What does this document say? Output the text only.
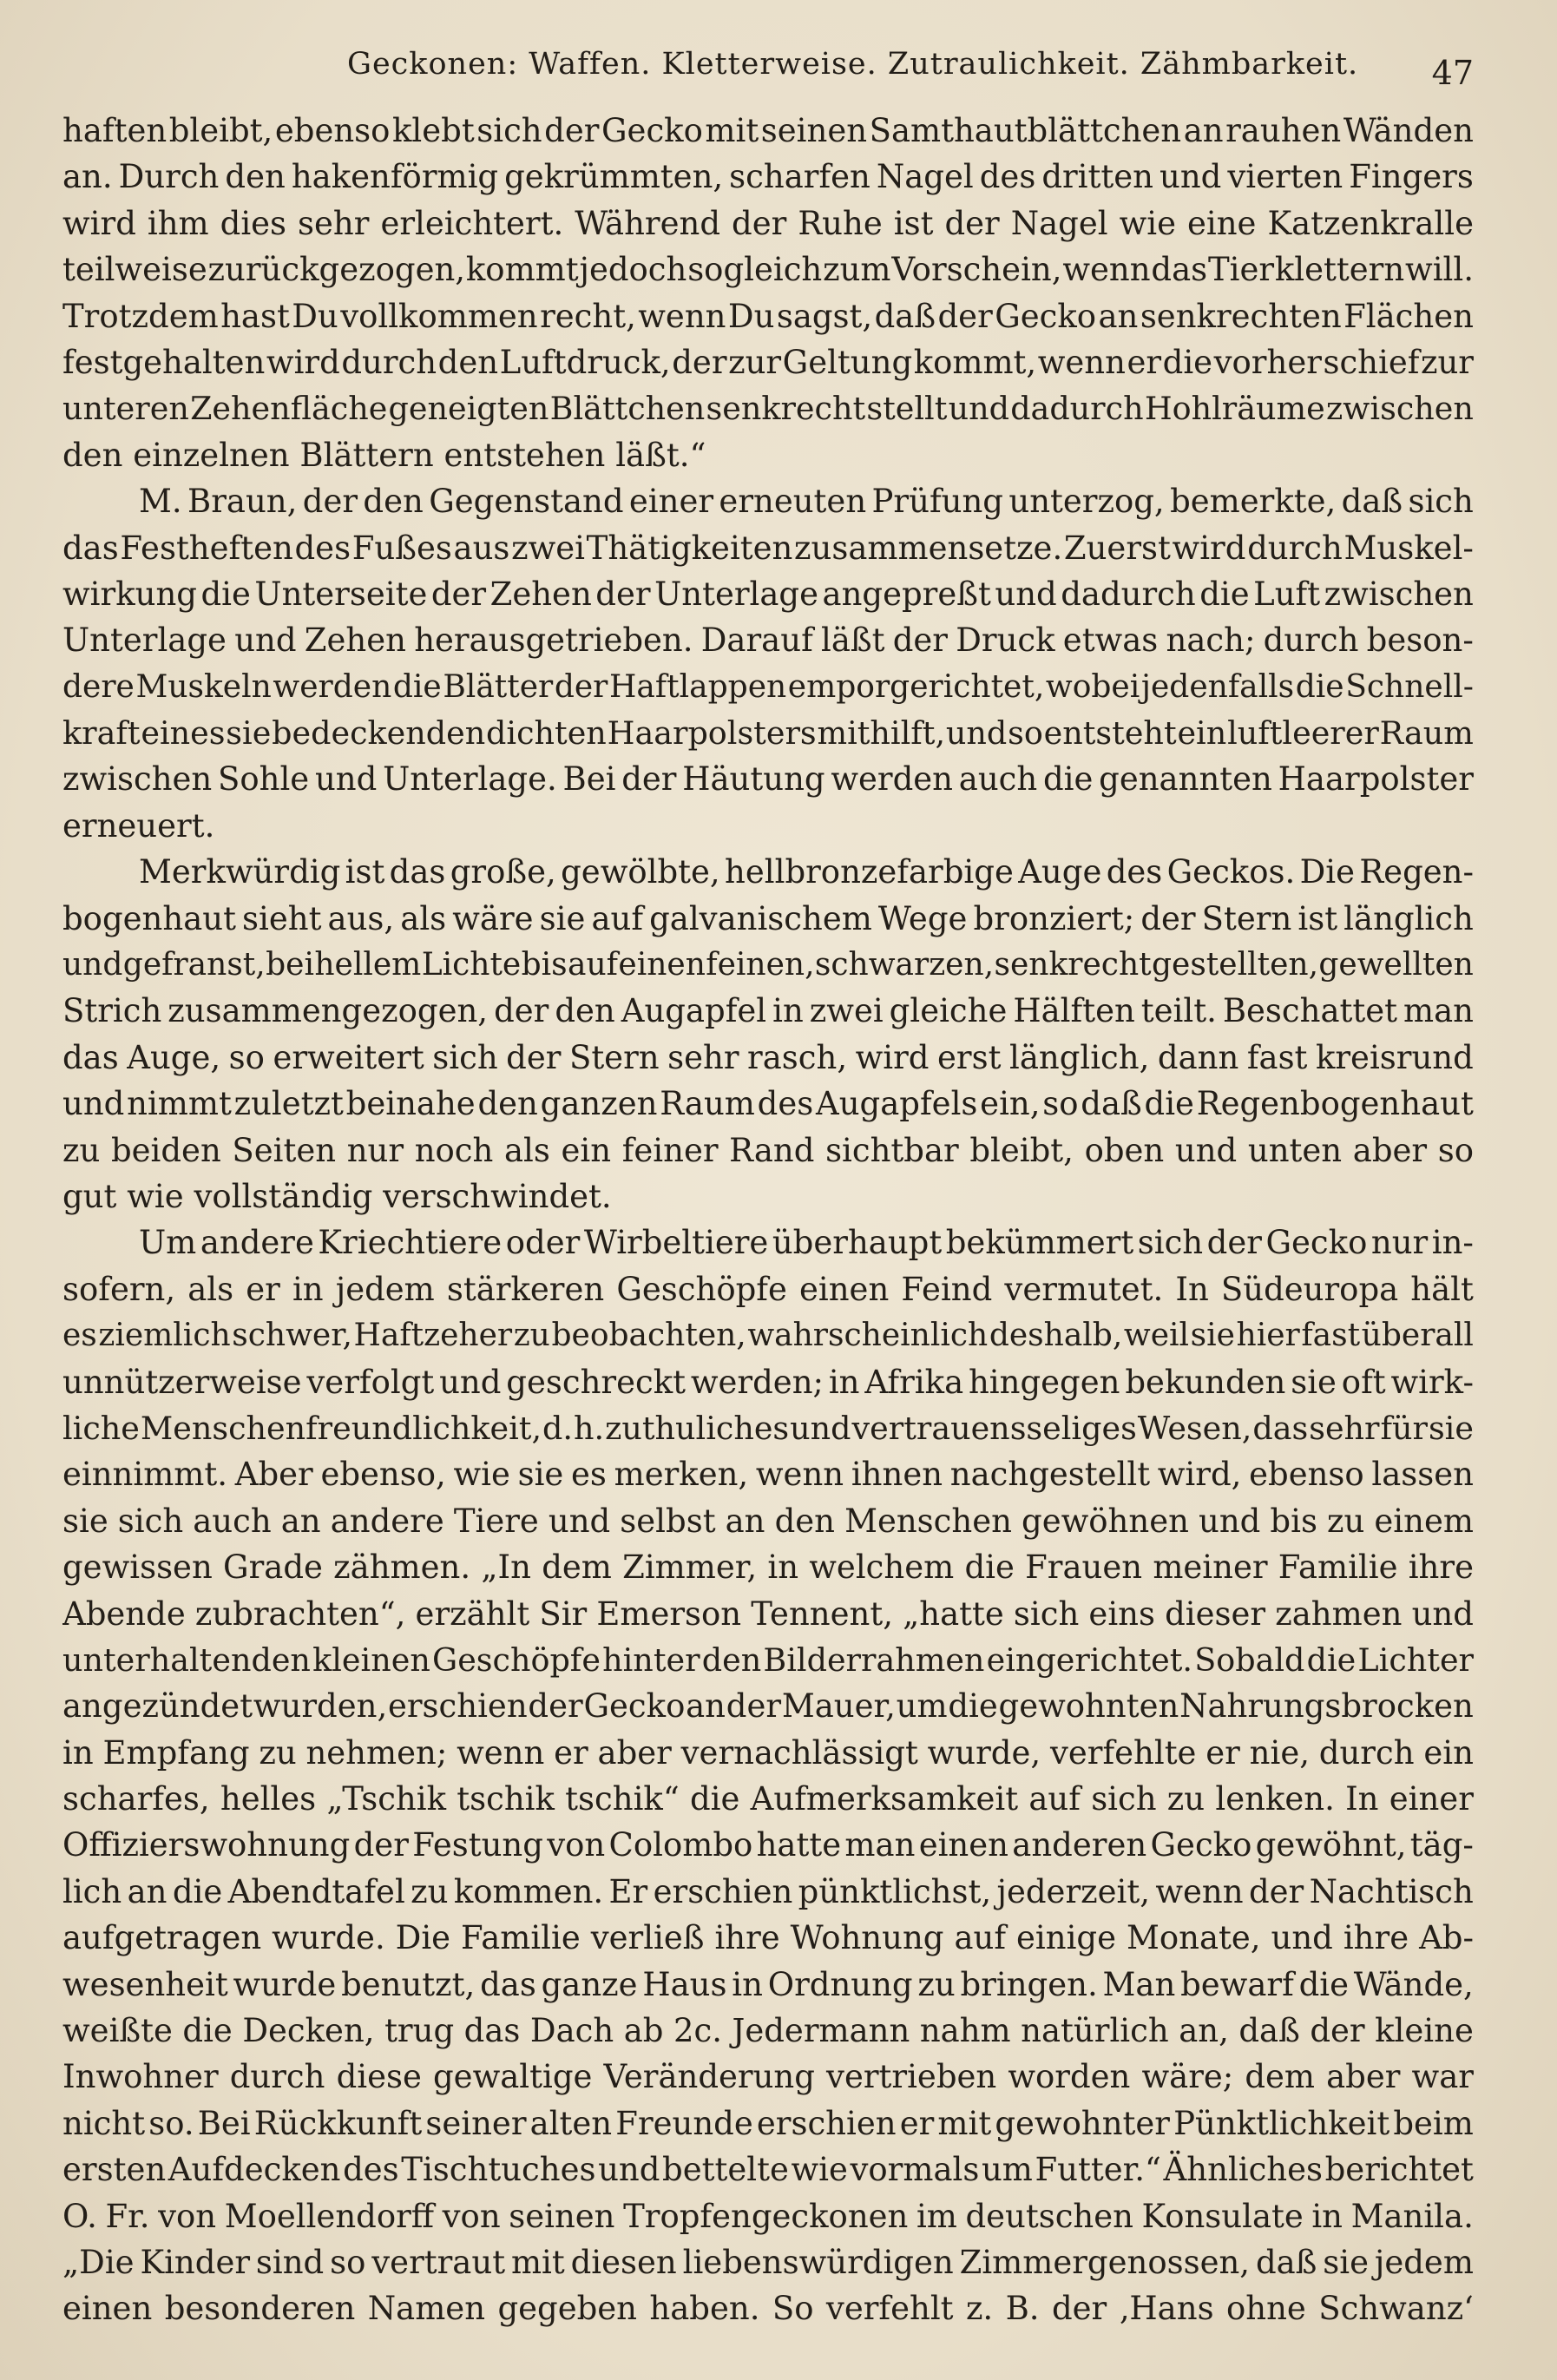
Geckonen: Waffen. Kletterweise. Zutraulichkeit. Zähmbarkeit. 47
haften bleibt, ebenso klebt sich der Gecko mit seinen Samthautblättchen an rauhen Wänden
an. Durch den hakenförmig gekrümmten, scharfen Nagel des dritten und vierten Fingers
wird ihm dies sehr erleichtert. Während der Ruhe ist der Nagel wie eine Katzenkralle
teilweise zurückgezogen, kommt jedoch sogleich zum Vorschein, wenn das Tier klettern will.
Trotzdem hast Du vollkommen recht, wenn Du sagst, daß der Gecko an senkrechten Flächen
festgehalten wird durch den Luftdruck, der zur Geltung kommt, wenn er die vorher schief zur
unteren Zehenfläche geneigten Blättchen senkrecht stellt und dadurch Hohlräume zwischen
den einzelnen Blättern entstehen läßt.“
M. Braun, der den Gegenstand einer erneuten Prüfung unterzog, bemerkte, daß sich
das Festheften des Fußes aus zwei Thätigkeiten zusammensetze. Zuerst wird durch Muskel-
wirkung die Unterseite der Zehen der Unterlage angepreßt und dadurch die Luft zwischen
Unterlage und Zehen herausgetrieben. Darauf läßt der Druck etwas nach; durch beson-
dere Muskeln werden die Blätter der Haftlappen emporgerichtet, wobei jedenfalls die Schnell-
kraft eines sie bedeckenden dichten Haarpolsters mithilft, und so entsteht ein luftleerer Raum
zwischen Sohle und Unterlage. Bei der Häutung werden auch die genannten Haarpolster
erneuert.
Merkwürdig ist das große, gewölbte, hellbronzefarbige Auge des Geckos. Die Regen-
bogenhaut sieht aus, als wäre sie auf galvanischem Wege bronziert; der Stern ist länglich
und gefranst, bei hellem Lichte bis auf einen feinen, schwarzen, senkrecht gestellten, gewellten
Strich zusammengezogen, der den Augapfel in zwei gleiche Hälften teilt. Beschattet man
das Auge, so erweitert sich der Stern sehr rasch, wird erst länglich, dann fast kreisrund
und nimmt zuletzt beinahe den ganzen Raum des Augapfels ein, so daß die Regenbogenhaut
zu beiden Seiten nur noch als ein feiner Rand sichtbar bleibt, oben und unten aber so
gut wie vollständig verschwindet.
Um andere Kriechtiere oder Wirbeltiere überhaupt bekümmert sich der Gecko nur in-
sofern, als er in jedem stärkeren Geschöpfe einen Feind vermutet. In Südeuropa hält
es ziemlich schwer, Haftzeher zu beobachten, wahrscheinlich deshalb, weil sie hier fast überall
unnützerweise verfolgt und geschreckt werden; in Afrika hingegen bekunden sie oft wirk-
liche Menschenfreundlichkeit, d. h. zuthuliches und vertrauensseliges Wesen, das sehr für sie
einnimmt. Aber ebenso, wie sie es merken, wenn ihnen nachgestellt wird, ebenso lassen
sie sich auch an andere Tiere und selbst an den Menschen gewöhnen und bis zu einem
gewissen Grade zähmen. „In dem Zimmer, in welchem die Frauen meiner Familie ihre
Abende zubrachten“, erzählt Sir Emerson Tennent, „hatte sich eins dieser zahmen und
unterhaltenden kleinen Geschöpfe hinter den Bilderrahmen eingerichtet. Sobald die Lichter
angezündet wurden, erschien der Gecko an der Mauer, um die gewohnten Nahrungsbrocken
in Empfang zu nehmen; wenn er aber vernachlässigt wurde, verfehlte er nie, durch ein
scharfes, helles „Tschik tschik tschik“ die Aufmerksamkeit auf sich zu lenken. In einer
Offizierswohnung der Festung von Colombo hatte man einen anderen Gecko gewöhnt, täg-
lich an die Abendtafel zu kommen. Er erschien pünktlichst, jederzeit, wenn der Nachtisch
aufgetragen wurde. Die Familie verließ ihre Wohnung auf einige Monate, und ihre Ab-
wesenheit wurde benutzt, das ganze Haus in Ordnung zu bringen. Man bewarf die Wände,
weißte die Decken, trug das Dach ab 2c. Jedermann nahm natürlich an, daß der kleine
Inwohner durch diese gewaltige Veränderung vertrieben worden wäre; dem aber war
nicht so. Bei Rückkunft seiner alten Freunde erschien er mit gewohnter Pünktlichkeit beim
ersten Aufdecken des Tischtuches und bettelte wie vormals um Futter.“ Ähnliches berichtet
O. Fr. von Moellendorff von seinen Tropfengeckonen im deutschen Konsulate in Manila.
„Die Kinder sind so vertraut mit diesen liebenswürdigen Zimmergenossen, daß sie jedem
einen besonderen Namen gegeben haben. So verfehlt z. B. der ‚Hans ohne Schwanz‘
